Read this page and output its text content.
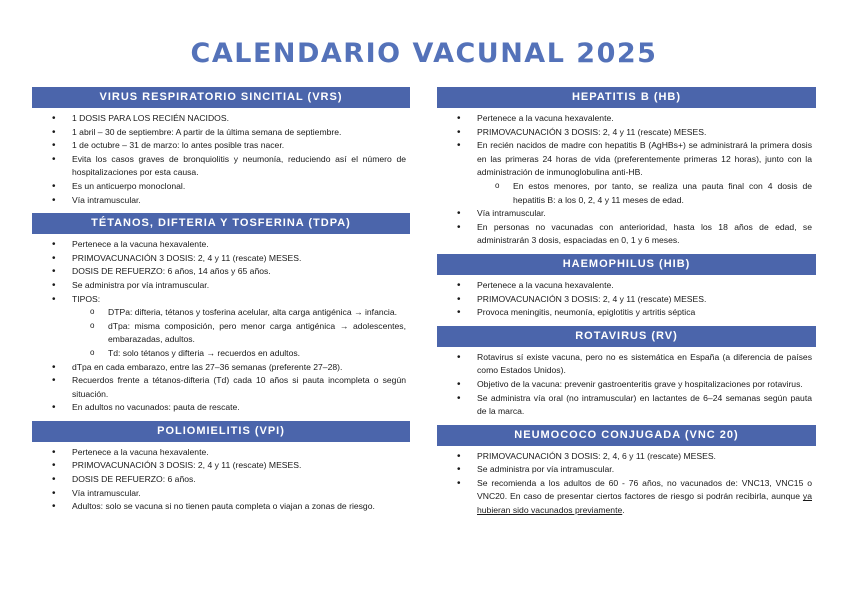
CALENDARIO VACUNAL 2025
VIRUS RESPIRATORIO SINCITIAL (VRS)
• 1 DOSIS PARA LOS RECIÉN NACIDOS.
• 1 abril – 30 de septiembre: A partir de la última semana de septiembre.
• 1 de octubre – 31 de marzo: lo antes posible tras nacer.
• Evita los casos graves de bronquiolitis y neumonía, reduciendo así el número de hospitalizaciones por esta causa.
• Es un anticuerpo monoclonal.
• Vía intramuscular.
TÉTANOS, DIFTERIA Y TOSFERINA (TDPA)
• Pertenece a la vacuna hexavalente.
• PRIMOVACUNACIÓN 3 DOSIS: 2, 4 y 11 (rescate) MESES.
• DOSIS DE REFUERZO: 6 años, 14 años y 65 años.
• Se administra por vía intramuscular.
• TIPOS:
o DTPa: difteria, tétanos y tosferina acelular, alta carga antigénica → infancia.
o dTpa: misma composición, pero menor carga antigénica → adolescentes, embarazadas, adultos.
o Td: solo tétanos y difteria → recuerdos en adultos.
• dTpa en cada embarazo, entre las 27–36 semanas (preferente 27–28).
• Recuerdos frente a tétanos-difteria (Td) cada 10 años si pauta incompleta o según situación.
• En adultos no vacunados: pauta de rescate.
POLIOMIELITIS (VPI)
• Pertenece a la vacuna hexavalente.
• PRIMOVACUNACIÓN 3 DOSIS: 2, 4 y 11 (rescate) MESES.
• DOSIS DE REFUERZO: 6 años.
• Vía intramuscular.
• Adultos: solo se vacuna si no tienen pauta completa o viajan a zonas de riesgo.
HEPATITIS B (HB)
• Pertenece a la vacuna hexavalente.
• PRIMOVACUNACIÓN 3 DOSIS: 2, 4 y 11 (rescate) MESES.
• En recién nacidos de madre con hepatitis B (AgHBs+) se administrará la primera dosis en las primeras 24 horas de vida (preferentemente primeras 12 horas), junto con la administración de inmunoglobulina anti-HB.
o En estos menores, por tanto, se realiza una pauta final con 4 dosis de hepatitis B: a los 0, 2, 4 y 11 meses de edad.
• Vía intramuscular.
• En personas no vacunadas con anterioridad, hasta los 18 años de edad, se administrarán 3 dosis, espaciadas en 0, 1 y 6 meses.
HAEMOPHILUS (HIB)
• Pertenece a la vacuna hexavalente.
• PRIMOVACUNACIÓN 3 DOSIS: 2, 4 y 11 (rescate) MESES.
• Provoca meningitis, neumonía, epiglotitis y artritis séptica
ROTAVIRUS (RV)
• Rotavirus sí existe vacuna, pero no es sistemática en España (a diferencia de países como Estados Unidos).
• Objetivo de la vacuna: prevenir gastroenteritis grave y hospitalizaciones por rotavirus.
• Se administra vía oral (no intramuscular) en lactantes de 6–24 semanas según pauta de la marca.
NEUMOCOCO CONJUGADA (VNC 20)
• PRIMOVACUNACIÓN 3 DOSIS: 2, 4, 6 y 11 (rescate) MESES.
• Se administra por vía intramuscular.
• Se recomienda a los adultos de 60 - 76 años, no vacunados de: VNC13, VNC15 o VNC20. En caso de presentar ciertos factores de riesgo si podrán recibirla, aunque ya hubieran sido vacunados previamente.
